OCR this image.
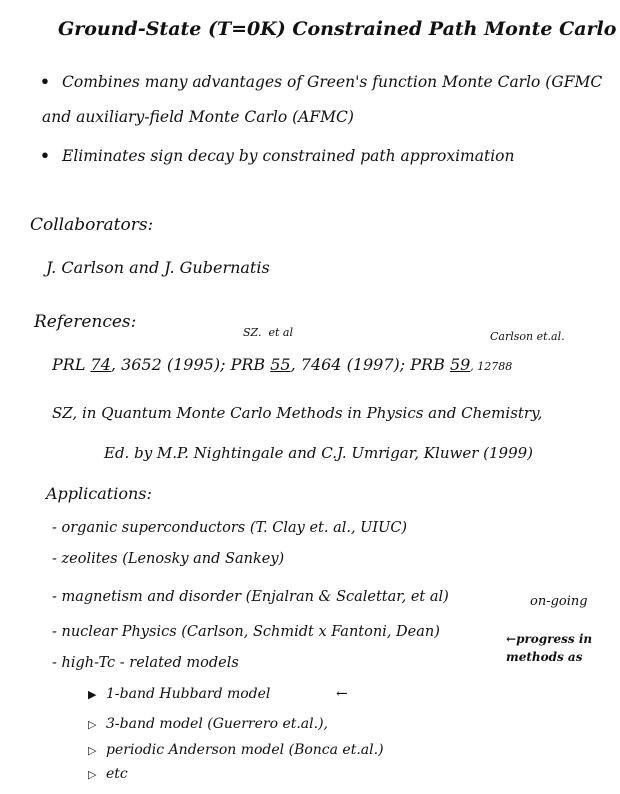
Ground-State (T=0K) Constrained Path Monte Carlo
• Combines many advantages of Green's function Monte Carlo (GFMC
and auxiliary-field Monte Carlo (AFMC)
• Eliminates sign decay by constrained path approximation
Collaborators:
J. Carlson and J. Gubernatis
References:
SZ. et al	Carlson et.al.
PRL 74, 3652 (1995); PRB 55, 7464 (1997); PRB 59, 12788
SZ, in Quantum Monte Carlo Methods in Physics and Chemistry,
Ed. by M.P. Nightingale and C.J. Umrigar, Kluwer (1999)
Applications:
- organic superconductors (T. Clay et. al., UIUC)
- zeolites (Lenosky and Sankey)
- magnetism and disorder (Enjalran & Scalettar, et al)
- nuclear Physics (Carlson, Schmidt x Fantoni, Dean)
- high-Tc - related models
▶ 1-band Hubbard model	←
▷ 3-band model (Guerrero et.al.),
▷ periodic Anderson model (Bonca et.al.)
▷ etc
on-going
←progress in
methods as
